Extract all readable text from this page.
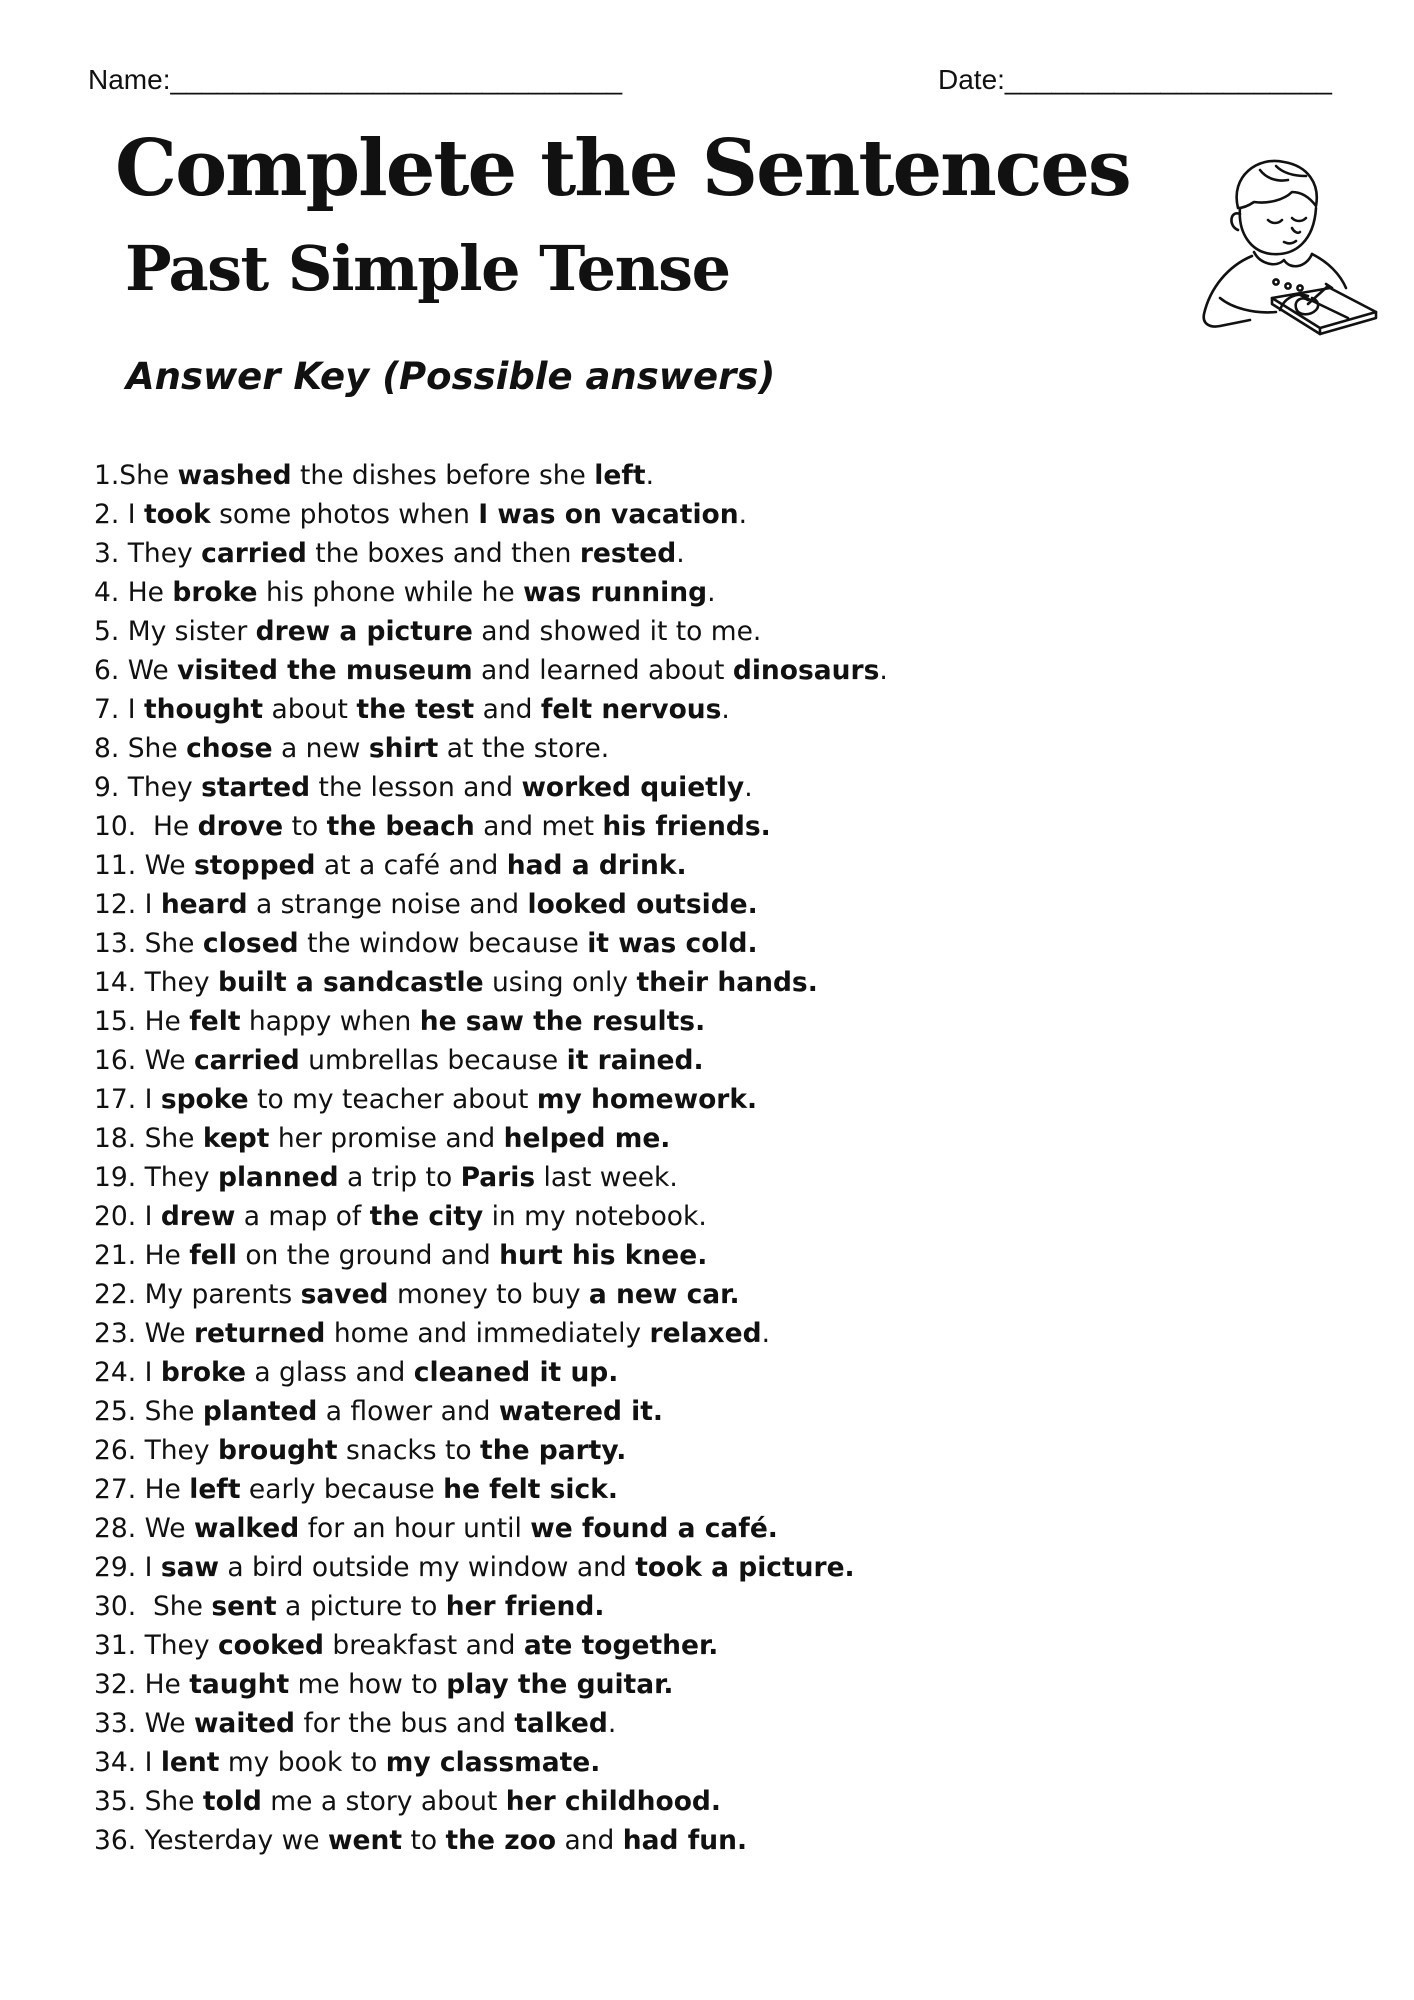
Name:_____________________________	Date:_____________________
Complete the Sentences
Past Simple Tense
Answer Key (Possible answers)
1.She washed the dishes before she left.
2. I took some photos when I was on vacation.
3. They carried the boxes and then rested.
4. He broke his phone while he was running.
5. My sister drew a picture and showed it to me.
6. We visited the museum and learned about dinosaurs.
7. I thought about the test and felt nervous.
8. She chose a new shirt at the store.
9. They started the lesson and worked quietly.
10.  He drove to the beach and met his friends.
11. We stopped at a café and had a drink.
12. I heard a strange noise and looked outside.
13. She closed the window because it was cold.
14. They built a sandcastle using only their hands.
15. He felt happy when he saw the results.
16. We carried umbrellas because it rained.
17. I spoke to my teacher about my homework.
18. She kept her promise and helped me.
19. They planned a trip to Paris last week.
20. I drew a map of the city in my notebook.
21. He fell on the ground and hurt his knee.
22. My parents saved money to buy a new car.
23. We returned home and immediately relaxed.
24. I broke a glass and cleaned it up.
25. She planted a flower and watered it.
26. They brought snacks to the party.
27. He left early because he felt sick.
28. We walked for an hour until we found a café.
29. I saw a bird outside my window and took a picture.
30.  She sent a picture to her friend.
31. They cooked breakfast and ate together.
32. He taught me how to play the guitar.
33. We waited for the bus and talked.
34. I lent my book to my classmate.
35. She told me a story about her childhood.
36. Yesterday we went to the zoo and had fun.
